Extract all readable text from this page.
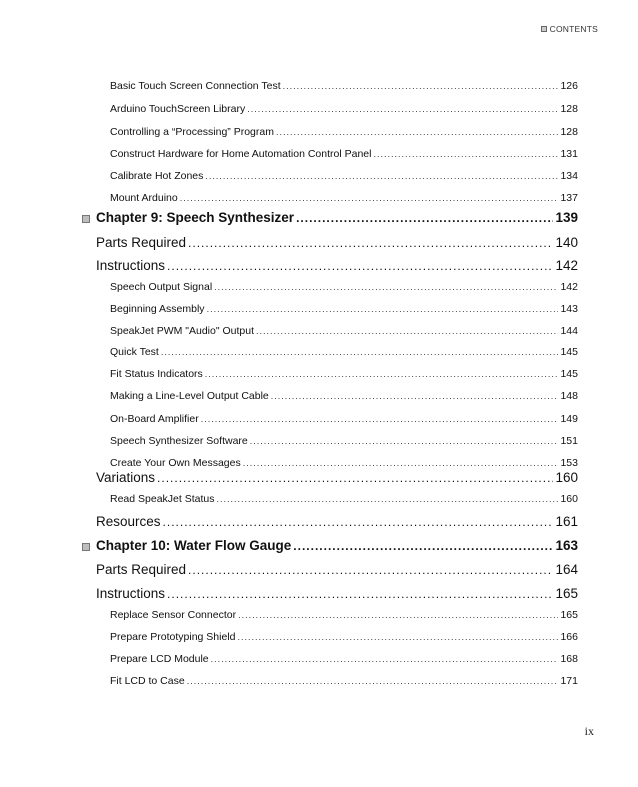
CONTENTS
Basic Touch Screen Connection Test .....	126
Arduino TouchScreen Library .....	128
Controlling a “Processing” Program .....	128
Construct Hardware for Home Automation Control Panel .....	131
Calibrate Hot Zones .....	134
Mount Arduino .....	137
Chapter 9: Speech Synthesizer .....	139
Parts Required .....	140
Instructions .....	142
Speech Output Signal .....	142
Beginning Assembly .....	143
SpeakJet PWM "Audio" Output .....	144
Quick Test .....	145
Fit Status Indicators .....	145
Making a Line-Level Output Cable .....	148
On-Board Amplifier .....	149
Speech Synthesizer Software .....	151
Create Your Own Messages .....	153
Variations .....	160
Read SpeakJet Status .....	160
Resources .....	161
Chapter 10: Water Flow Gauge .....	163
Parts Required .....	164
Instructions .....	165
Replace Sensor Connector .....	165
Prepare Prototyping Shield .....	166
Prepare LCD Module .....	168
Fit LCD to Case .....	171
ix
